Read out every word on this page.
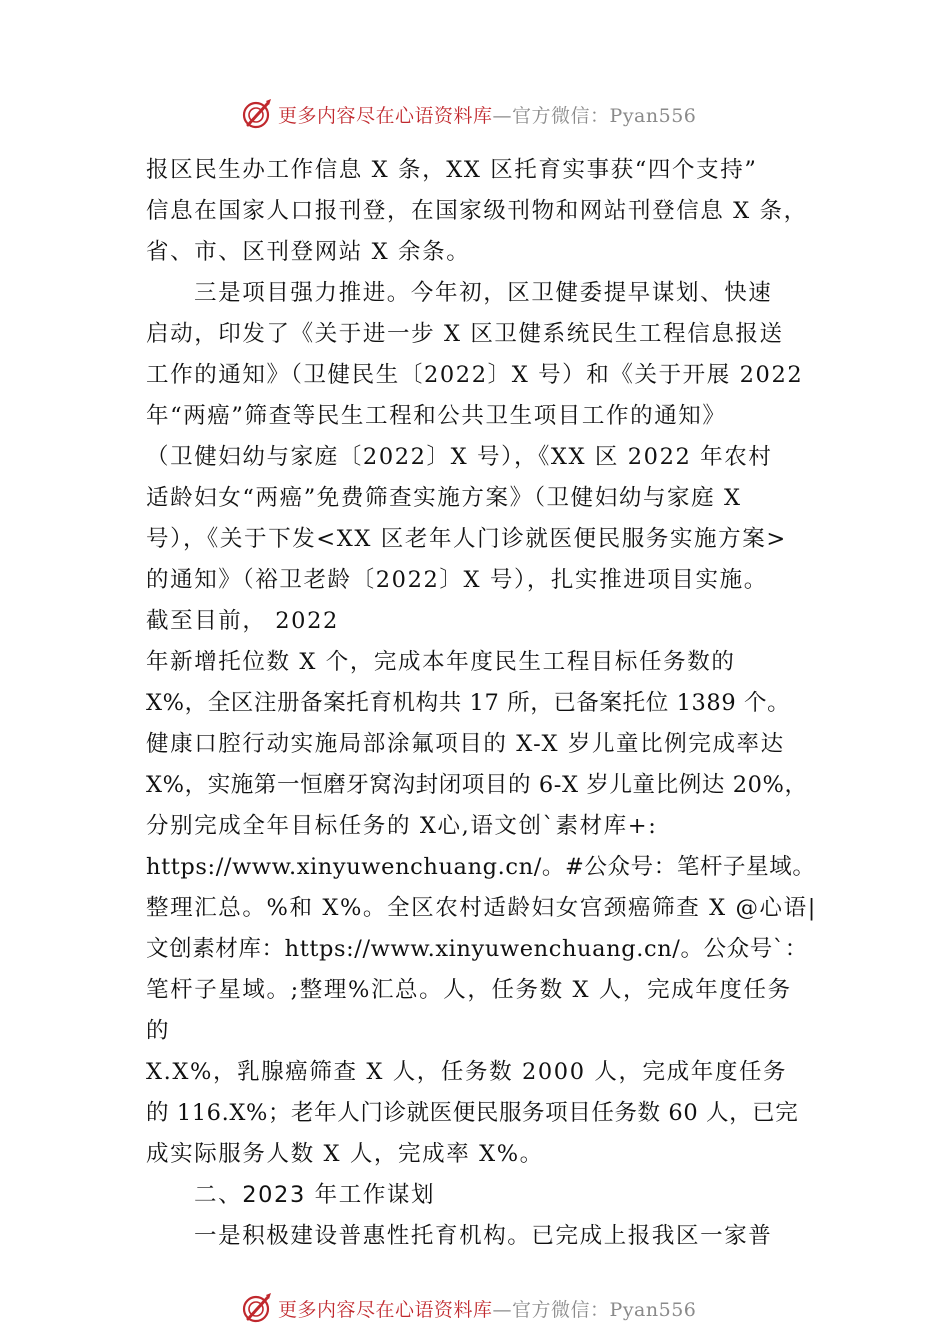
更多内容尽在心语资料库—官方微信：Pyan556
报区民生办工作信息 X 条，XX 区托育实事获“四个支持”
信息在国家人口报刊登，在国家级刊物和网站刊登信息 X 条，
省、市、区刊登网站 X 余条。
三是项目强力推进。今年初，区卫健委提早谋划、快速
启动，印发了《关于进一步 X 区卫健系统民生工程信息报送
工作的通知》（卫健民生〔2022〕X 号）和《关于开展 2022
年“两癌”筛查等民生工程和公共卫生项目工作的通知》
（卫健妇幼与家庭〔2022〕X 号），《XX 区 2022 年农村
适龄妇女“两癌”免费筛查实施方案》（卫健妇幼与家庭 X
号），《关于下发<XX 区老年人门诊就医便民服务实施方案>
的通知》（裕卫老龄〔2022〕X 号），扎实推进项目实施。
截至目前， 2022
年新增托位数 X 个，完成本年度民生工程目标任务数的
X%，全区注册备案托育机构共 17 所，已备案托位 1389 个。
健康口腔行动实施局部涂氟项目的 X-X 岁儿童比例完成率达
X%，实施第一恒磨牙窝沟封闭项目的 6-X 岁儿童比例达 20%，
分别完成全年目标任务的 X心,语文创`素材库+:
https://www.xinyuwenchuang.cn/。#公众号：笔杆子星域。
整理汇总。%和 X%。全区农村适龄妇女宫颈癌筛查 X @心语|
文创素材库：https://www.xinyuwenchuang.cn/。公众号`：
笔杆子星域。;整理%汇总。人，任务数 X 人，完成年度任务
的
X.X%，乳腺癌筛查 X 人，任务数 2000 人，完成年度任务
的 116.X%；老年人门诊就医便民服务项目任务数 60 人，已完
成实际服务人数 X 人，完成率 X%。
二、2023 年工作谋划
一是积极建设普惠性托育机构。已完成上报我区一家普
更多内容尽在心语资料库—官方微信：Pyan556
